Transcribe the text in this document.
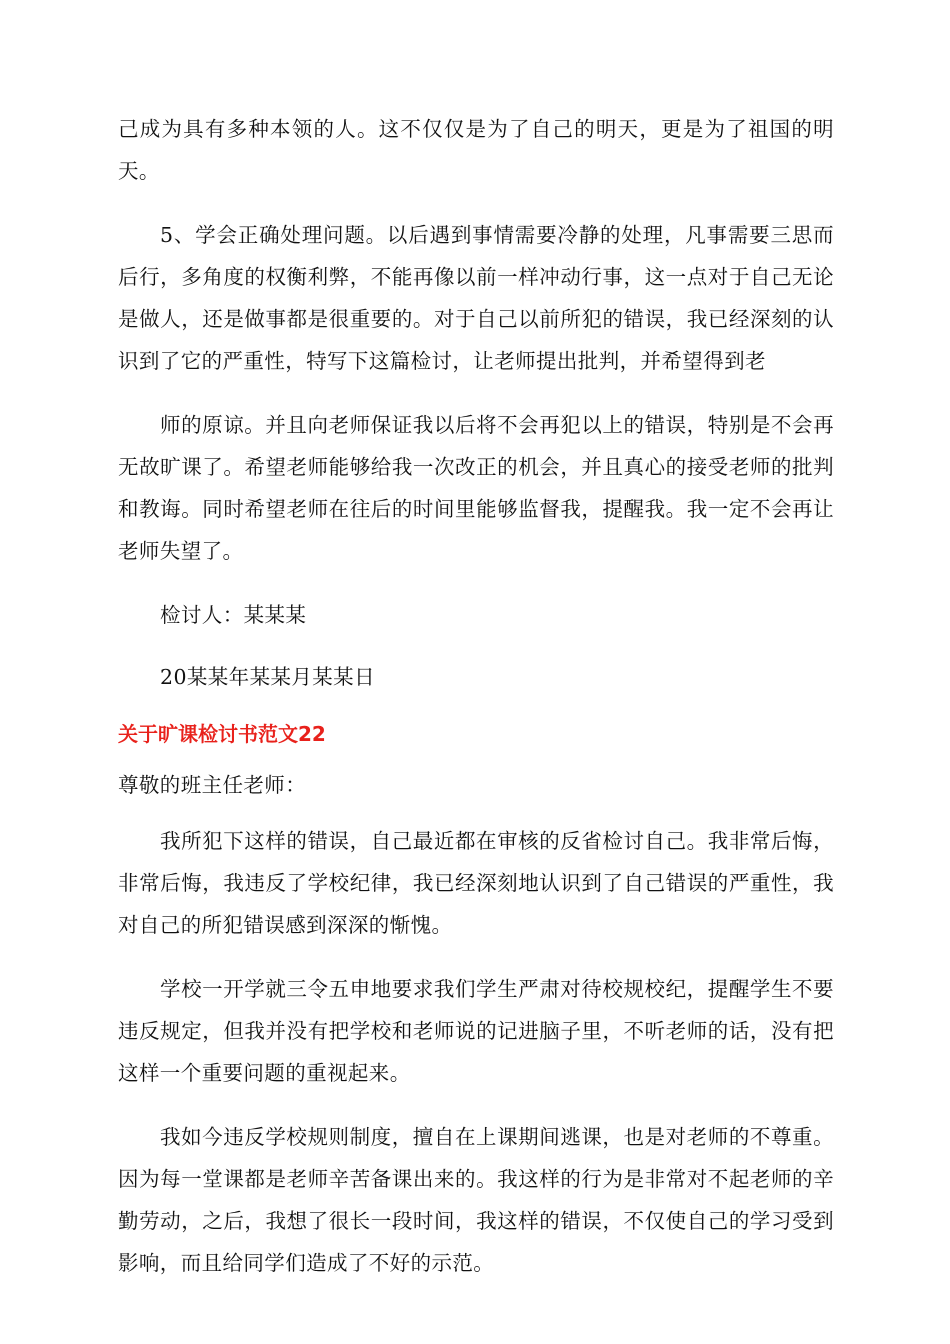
己成为具有多种本领的人。这不仅仅是为了自己的明天，更是为了祖国的明天。

5、学会正确处理问题。以后遇到事情需要冷静的处理，凡事需要三思而后行，多角度的权衡利弊，不能再像以前一样冲动行事，这一点对于自己无论是做人，还是做事都是很重要的。对于自己以前所犯的错误，我已经深刻的认识到了它的严重性，特写下这篇检讨，让老师提出批判，并希望得到老

师的原谅。并且向老师保证我以后将不会再犯以上的错误，特别是不会再无故旷课了。希望老师能够给我一次改正的机会，并且真心的接受老师的批判和教诲。同时希望老师在往后的时间里能够监督我，提醒我。我一定不会再让老师失望了。

检讨人：某某某

20某某年某某月某某日

关于旷课检讨书范文22

尊敬的班主任老师：

我所犯下这样的错误，自己最近都在审核的反省检讨自己。我非常后悔，非常后悔，我违反了学校纪律，我已经深刻地认识到了自己错误的严重性，我对自己的所犯错误感到深深的惭愧。

学校一开学就三令五申地要求我们学生严肃对待校规校纪，提醒学生不要违反规定，但我并没有把学校和老师说的记进脑子里，不听老师的话，没有把这样一个重要问题的重视起来。

我如今违反学校规则制度，擅自在上课期间逃课，也是对老师的不尊重。因为每一堂课都是老师辛苦备课出来的。我这样的行为是非常对不起老师的辛勤劳动，之后，我想了很长一段时间，我这样的错误，不仅使自己的学习受到影响，而且给同学们造成了不好的示范。
